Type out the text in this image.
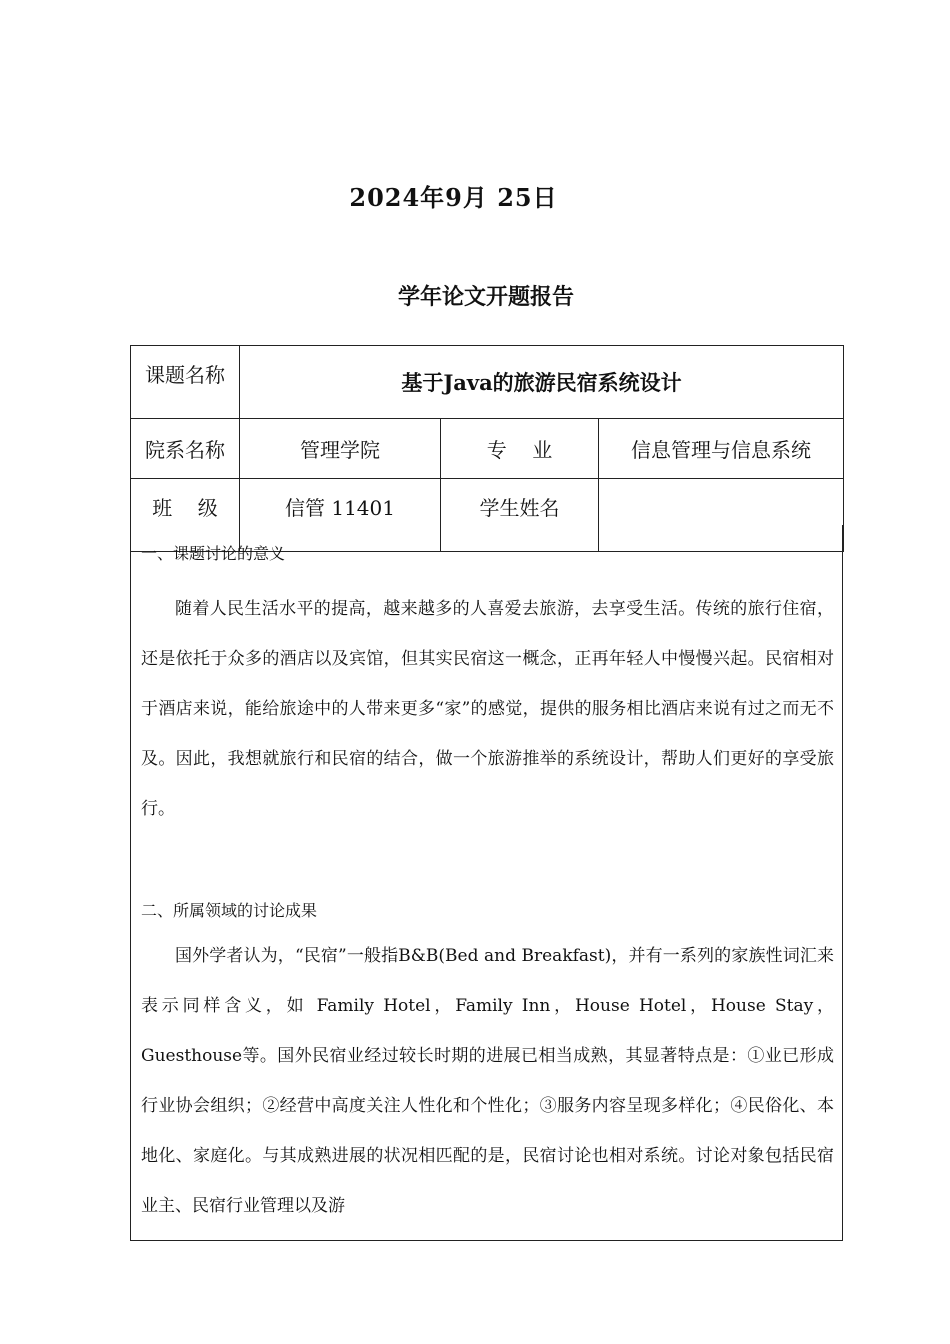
2024年9月 25日
学年论文开题报告
课题名称	基于Java的旅游民宿系统设计		
院系名称	管理学院	专    业	信息管理与信息系统
班    级	信管 11401	学生姓名	
一、课题讨论的意义
随着人民生活水平的提高，越来越多的人喜爱去旅游，去享受生活。传统的旅行住宿，还是依托于众多的酒店以及宾馆，但其实民宿这一概念，正再年轻人中慢慢兴起。民宿相对于酒店来说，能给旅途中的人带来更多“家”的感觉，提供的服务相比酒店来说有过之而无不及。因此，我想就旅行和民宿的结合，做一个旅游推举的系统设计，帮助人们更好的享受旅行。
二、所属领域的讨论成果
国外学者认为，“民宿”一般指B&B(Bed and Breakfast)，并有一系列的家族性词汇来表示同样含义，如 Family Hotel，Family Inn，House Hotel，House Stay，Guesthouse等。国外民宿业经过较长时期的进展已相当成熟，其显著特点是：①业已形成行业协会组织；②经营中高度关注人性化和个性化；③服务内容呈现多样化；④民俗化、本地化、家庭化。与其成熟进展的状况相匹配的是，民宿讨论也相对系统。讨论对象包括民宿业主、民宿行业管理以及游
